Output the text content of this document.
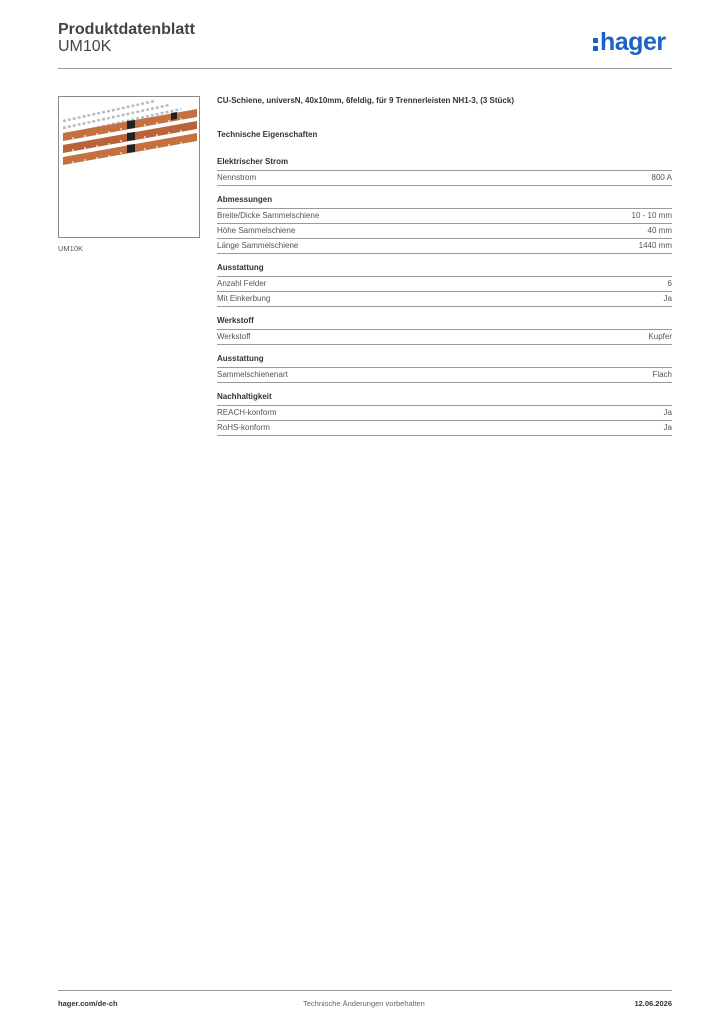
Produktdatenblatt
UM10K	hager
UM10K
CU-Schiene, universN, 40x10mm, 6feldig, für 9 Trennerleisten NH1-3, (3 Stück)
Technische Eigenschaften
Elektrischer Strom
Nennstrom	800 A
Abmessungen
Breite/Dicke Sammelschiene	10 - 10 mm
Höhe Sammelschiene	40 mm
Länge Sammelschiene	1440 mm
Ausstattung
Anzahl Felder	6
Mit Einkerbung	Ja
Werkstoff
Werkstoff	Kupfer
Ausstattung
Sammelschienenart	Flach
Nachhaltigkeit
REACH-konform	Ja
RoHS-konform	Ja
hager.com/de-ch	Technische Änderungen vorbehalten	12.06.2026
